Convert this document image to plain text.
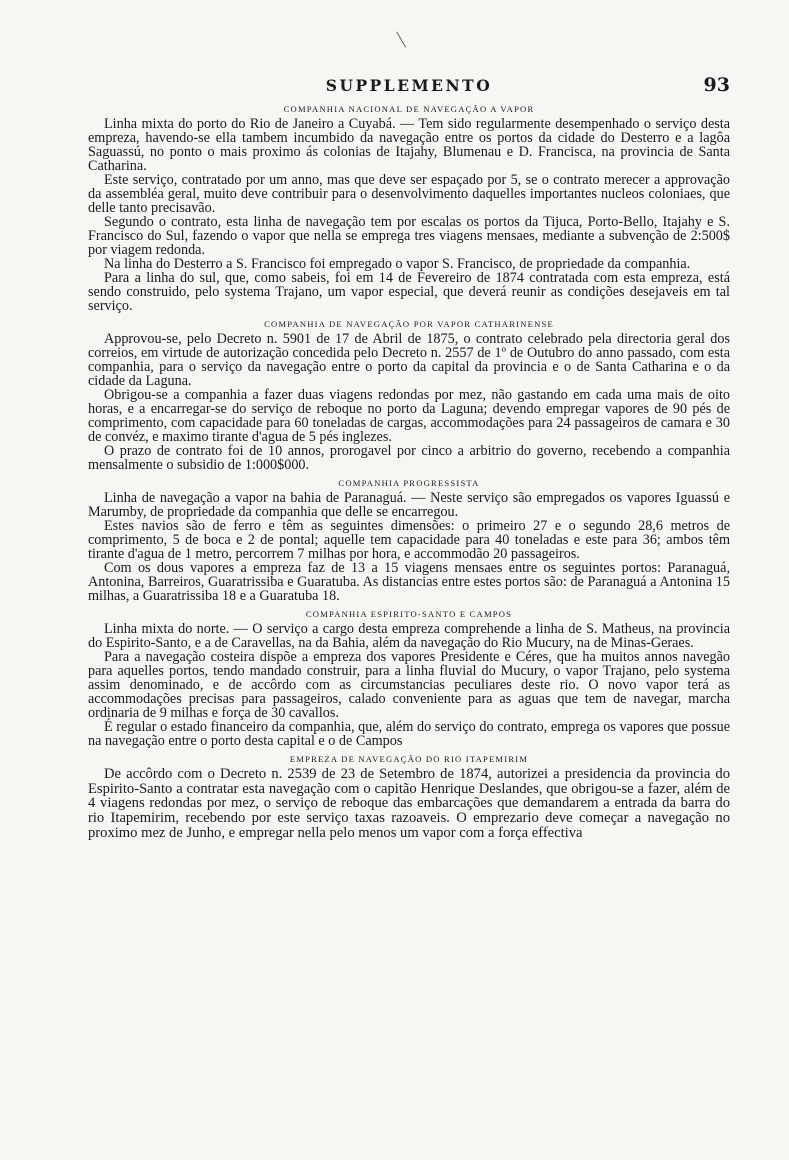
SUPPLEMENTO	93
COMPANHIA NACIONAL DE NAVEGAÇÃO A VAPOR

Linha mixta do porto do Rio de Janeiro a Cuyabá. — Tem sido regularmente desempenhado o serviço desta empreza, havendo-se ella tambem incumbido da navegação entre os portos da cidade do Desterro e a lagôa Saguassú, no ponto o mais proximo ás colonias de Itajahy, Blumenau e D. Francisca, na provincia de Santa Catharina.

Este serviço, contratado por um anno, mas que deve ser espaçado por 5, se o contrato merecer a approvação da assembléa geral, muito deve contribuir para o desenvolvimento daquelles importantes nucleos coloniaes, que delle tanto precisavão.

Segundo o contrato, esta linha de navegação tem por escalas os portos da Tijuca, Porto-Bello, Itajahy e S. Francisco do Sul, fazendo o vapor que nella se emprega tres viagens mensaes, mediante a subvenção de 2:500$ por viagem redonda.

Na linha do Desterro a S. Francisco foi empregado o vapor S. Francisco, de propriedade da companhia.

Para a linha do sul, que, como sabeis, foi em 14 de Fevereiro de 1874 contratada com esta empreza, está sendo construido, pelo systema Trajano, um vapor especial, que deverá reunir as condições desejaveis em tal serviço.

COMPANHIA DE NAVEGAÇÃO POR VAPOR CATHARINENSE

Approvou-se, pelo Decreto n. 5901 de 17 de Abril de 1875, o contrato celebrado pela directoria geral dos correios, em virtude de autorização concedida pelo Decreto n. 2557 de 1º de Outubro do anno passado, com esta companhia, para o serviço da navegação entre o porto da capital da provincia e o de Santa Catharina e o da cidade da Laguna.

Obrigou-se a companhia a fazer duas viagens redondas por mez, não gastando em cada uma mais de oito horas, e a encarregar-se do serviço de reboque no porto da Laguna; devendo empregar vapores de 90 pés de comprimento, com capacidade para 60 toneladas de cargas, accommodações para 24 passageiros de camara e 30 de convéz, e maximo tirante d'agua de 5 pés inglezes.

O prazo de contrato foi de 10 annos, prorogavel por cinco a arbitrio do governo, recebendo a companhia mensalmente o subsidio de 1:000$000.

COMPANHIA PROGRESSISTA

Linha de navegação a vapor na bahia de Paranaguá. — Neste serviço são empregados os vapores Iguassú e Marumby, de propriedade da companhia que delle se encarregou.

Estes navios são de ferro e têm as seguintes dimensões: o primeiro 27 e o segundo 28,6 metros de comprimento, 5 de boca e 2 de pontal; aquelle tem capacidade para 40 toneladas e este para 36; ambos têm tirante d'agua de 1 metro, percorrem 7 milhas por hora, e accommodão 20 passageiros.

Com os dous vapores a empreza faz de 13 a 15 viagens mensaes entre os seguintes portos: Paranaguá, Antonina, Barreiros, Guaratrissiba e Guaratuba. As distancias entre estes portos são: de Paranaguá a Antonina 15 milhas, a Guaratrissiba 18 e a Guaratuba 18.

COMPANHIA ESPIRITO-SANTO E CAMPOS

Linha mixta do norte. — O serviço a cargo desta empreza comprehende a linha de S. Matheus, na provincia do Espirito-Santo, e a de Caravellas, na da Bahia, além da navegação do Rio Mucury, na de Minas-Geraes.

Para a navegação costeira dispõe a empreza dos vapores Presidente e Céres, que ha muitos annos navegão para aquelles portos, tendo mandado construir, para a linha fluvial do Mucury, o vapor Trajano, pelo systema assim denominado, e de accôrdo com as circumstancias peculiares deste rio. O novo vapor terá as accommodações precisas para passageiros, calado conveniente para as aguas que tem de navegar, marcha ordinaria de 9 milhas e força de 30 cavallos.

É regular o estado financeiro da companhia, que, além do serviço do contrato, emprega os vapores que possue na navegação entre o porto desta capital e o de Campos

EMPREZA DE NAVEGAÇÃO DO RIO ITAPEMIRIM

De accôrdo com o Decreto n. 2539 de 23 de Setembro de 1874, autorizei a presidencia da provincia do Espirito-Santo a contratar esta navegação com o capitão Henrique Deslandes, que obrigou-se a fazer, além de 4 viagens redondas por mez, o serviço de reboque das embarcações que demandarem a entrada da barra do rio Itapemirim, recebendo por este serviço taxas razoaveis. O emprezario deve começar a navegação no proximo mez de Junho, e empregar nella pelo menos um vapor com a força effectiva
